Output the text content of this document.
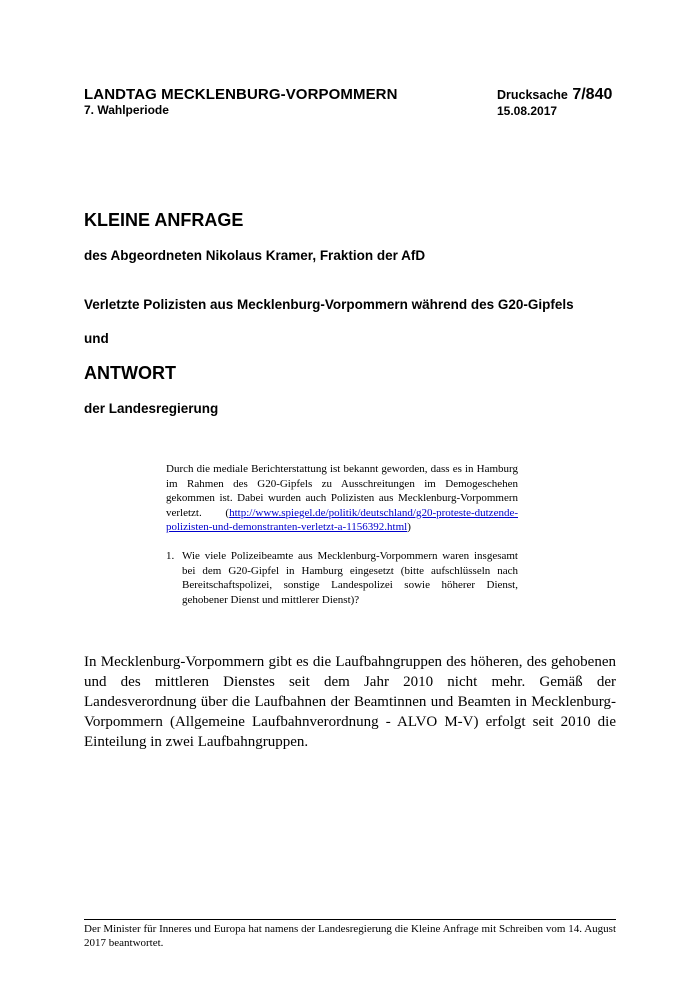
LANDTAG MECKLENBURG-VORPOMMERN
7. Wahlperiode
Drucksache 7/840
15.08.2017
KLEINE ANFRAGE
des Abgeordneten Nikolaus Kramer, Fraktion der AfD
Verletzte Polizisten aus Mecklenburg-Vorpommern während des G20-Gipfels
und
ANTWORT
der Landesregierung
Durch die mediale Berichterstattung ist bekannt geworden, dass es in Hamburg im Rahmen des G20-Gipfels zu Ausschreitungen im Demogeschehen gekommen ist. Dabei wurden auch Polizisten aus Mecklenburg-Vorpommern verletzt. (http://www.spiegel.de/politik/deutschland/g20-proteste-dutzende-polizisten-und-demonstranten-verletzt-a-1156392.html)
1. Wie viele Polizeibeamte aus Mecklenburg-Vorpommern waren insgesamt bei dem G20-Gipfel in Hamburg eingesetzt (bitte aufschlüsseln nach Bereitschaftspolizei, sonstige Landespolizei sowie höherer Dienst, gehobener Dienst und mittlerer Dienst)?
In Mecklenburg-Vorpommern gibt es die Laufbahngruppen des höheren, des gehobenen und des mittleren Dienstes seit dem Jahr 2010 nicht mehr. Gemäß der Landesverordnung über die Laufbahnen der Beamtinnen und Beamten in Mecklenburg-Vorpommern (Allgemeine Laufbahnverordnung - ALVO M-V) erfolgt seit 2010 die Einteilung in zwei Laufbahngruppen.
Der Minister für Inneres und Europa hat namens der Landesregierung die Kleine Anfrage mit Schreiben vom 14. August 2017 beantwortet.
